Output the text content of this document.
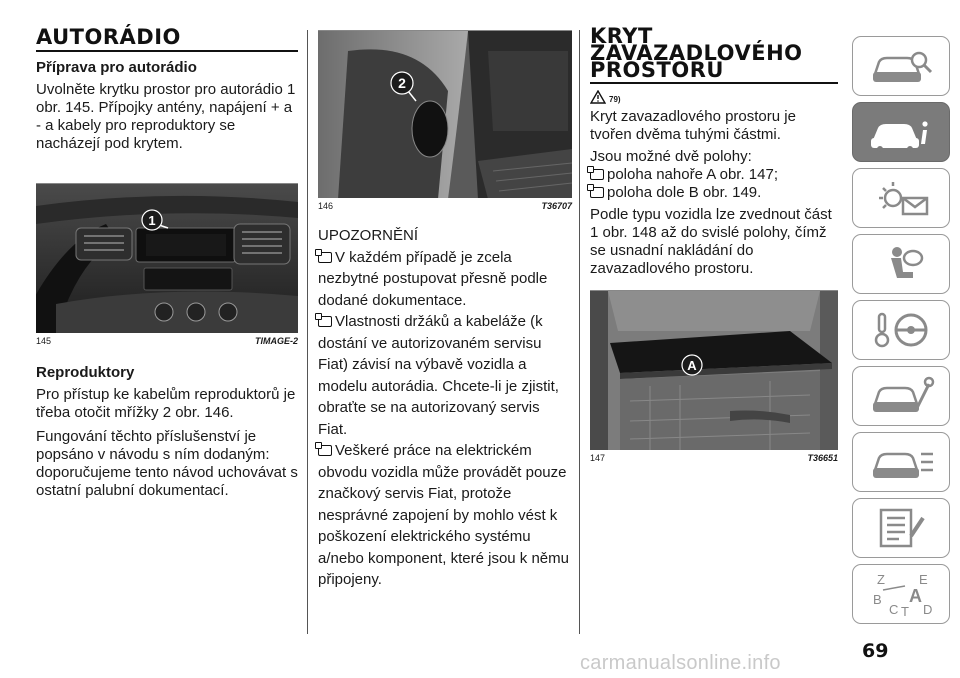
AUTORÁDIO
Příprava pro autorádio
Uvolněte krytku prostor pro autorádio 1 obr. 145. Přípojky antény, napájení + a - a kabely pro reproduktory se nacházejí pod krytem.
1
145	TIMAGE-2
Reproduktory
Pro přístup ke kabelům reproduktorů je třeba otočit mřížky 2 obr. 146.
Fungování těchto příslušenství je popsáno v návodu s ním dodaným: doporučujeme tento návod uchovávat s ostatní palubní dokumentací.
2
146	T36707
UPOZORNĚNÍ
V každém případě je zcela nezbytné postupovat přesně podle dodané dokumentace.
Vlastnosti držáků a kabeláže (k dostání ve autorizovaném servisu Fiat) závisí na výbavě vozidla a modelu autorádia. Chcete-li je zjistit, obraťte se na autorizovaný servis Fiat.
Veškeré práce na elektrickém obvodu vozidla může provádět pouze značkový servis Fiat, protože nesprávné zapojení by mohlo vést k poškození elektrického systému a/nebo komponent, které jsou k němu připojeny.
KRYT
ZAVAZADLOVÉHO
PROSTORU
79)
Kryt zavazadlového prostoru je tvořen dvěma tuhými částmi.
Jsou možné dvě polohy:
poloha nahoře A obr. 147;
poloha dole B obr. 149.
Podle typu vozidla lze zvednout část 1 obr. 148 až do svislé polohy, čímž se usnadní nakládání do zavazadlového prostoru.
A
147	T36651
Z	E
B A
C T D
69
carmanualsonline.info
